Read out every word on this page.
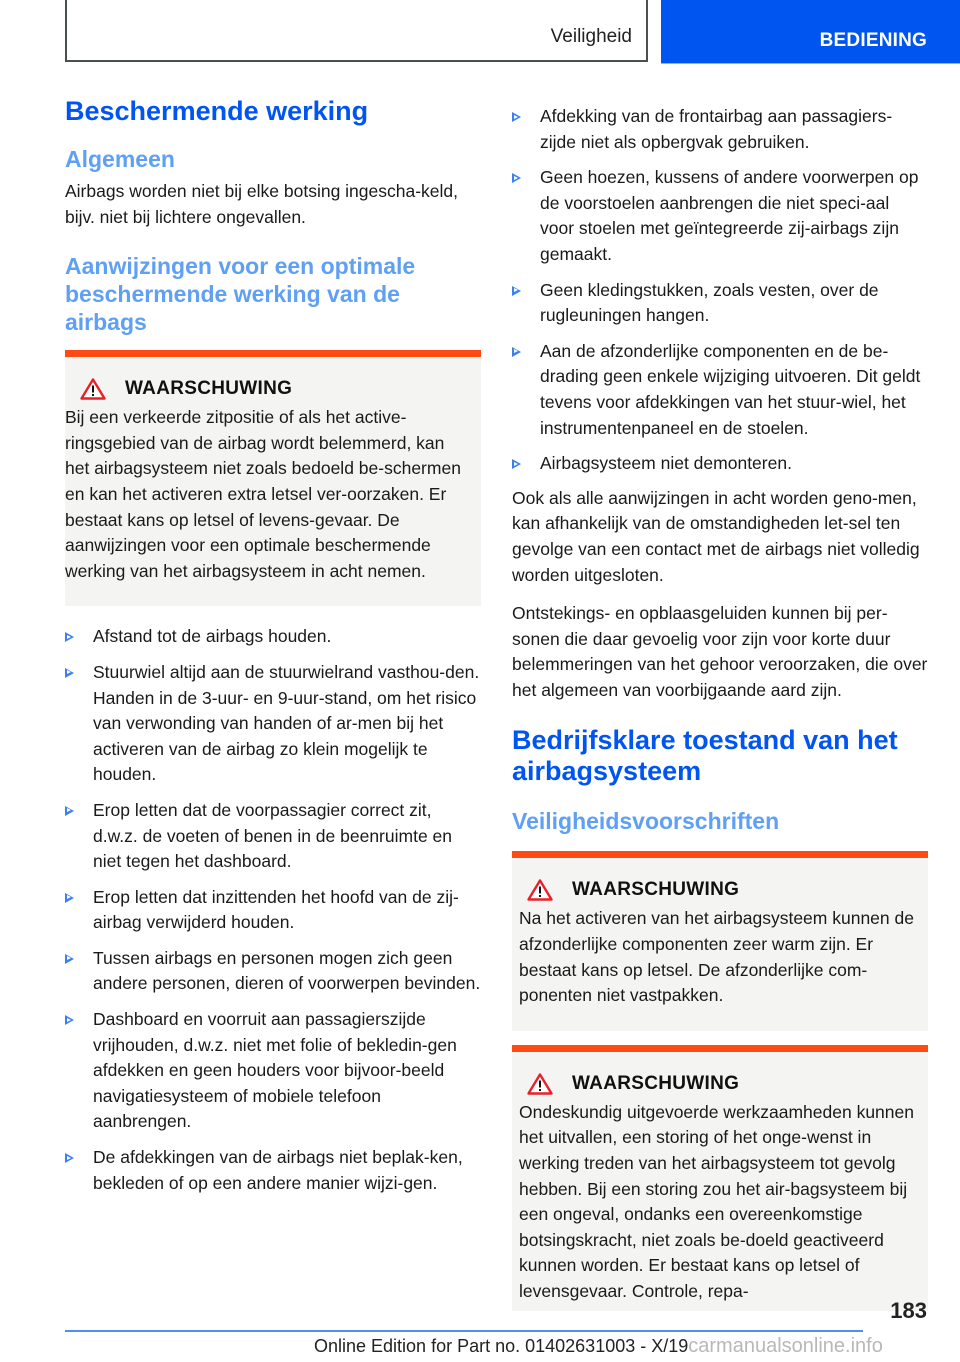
Veiligheid	BEDIENING
Beschermende werking
Algemeen
Airbags worden niet bij elke botsing ingescha-keld, bijv. niet bij lichtere ongevallen.
Aanwijzingen voor een optimale beschermende werking van de airbags
WAARSCHUWING
Bij een verkeerde zitpositie of als het active-ringsgebied van de airbag wordt belemmerd, kan het airbagsysteem niet zoals bedoeld be-schermen en kan het activeren extra letsel ver-oorzaken. Er bestaat kans op letsel of levens-gevaar. De aanwijzingen voor een optimale beschermende werking van het airbagsysteem in acht nemen.
Afstand tot de airbags houden.
Stuurwiel altijd aan de stuurwielrand vasthou-den. Handen in de 3-uur- en 9-uur-stand, om het risico van verwonding van handen of ar-men bij het activeren van de airbag zo klein mogelijk te houden.
Erop letten dat de voorpassagier correct zit, d.w.z. de voeten of benen in de beenruimte en niet tegen het dashboard.
Erop letten dat inzittenden het hoofd van de zij-airbag verwijderd houden.
Tussen airbags en personen mogen zich geen andere personen, dieren of voorwerpen bevinden.
Dashboard en voorruit aan passagierszijde vrijhouden, d.w.z. niet met folie of bekledin-gen afdekken en geen houders voor bijvoor-beeld navigatiesysteem of mobiele telefoon aanbrengen.
De afdekkingen van de airbags niet beplak-ken, bekleden of op een andere manier wijzi-gen.
Afdekking van de frontairbag aan passagiers-zijde niet als opbergvak gebruiken.
Geen hoezen, kussens of andere voorwerpen op de voorstoelen aanbrengen die niet speci-aal voor stoelen met geïntegreerde zij-airbags zijn gemaakt.
Geen kledingstukken, zoals vesten, over de rugleuningen hangen.
Aan de afzonderlijke componenten en de be-drading geen enkele wijziging uitvoeren. Dit geldt tevens voor afdekkingen van het stuur-wiel, het instrumentenpaneel en de stoelen.
Airbagsysteem niet demonteren.
Ook als alle aanwijzingen in acht worden geno-men, kan afhankelijk van de omstandigheden let-sel ten gevolge van een contact met de airbags niet volledig worden uitgesloten.
Ontstekings- en opblaasgeluiden kunnen bij per-sonen die daar gevoelig voor zijn voor korte duur belemmeringen van het gehoor veroorzaken, die over het algemeen van voorbijgaande aard zijn.
Bedrijfsklare toestand van het airbagsysteem
Veiligheidsvoorschriften
WAARSCHUWING
Na het activeren van het airbagsysteem kunnen de afzonderlijke componenten zeer warm zijn. Er bestaat kans op letsel. De afzonderlijke com-ponenten niet vastpakken.
WAARSCHUWING
Ondeskundig uitgevoerde werkzaamheden kunnen het uitvallen, een storing of het onge-wenst in werking treden van het airbagsysteem tot gevolg hebben. Bij een storing zou het air-bagsysteem bij een ongeval, ondanks een overeenkomstige botsingskracht, niet zoals be-doeld geactiveerd kunnen worden. Er bestaat kans op letsel of levensgevaar. Controle, repa-
183
Online Edition for Part no. 01402631003 - X/19carmanualsonline.info
